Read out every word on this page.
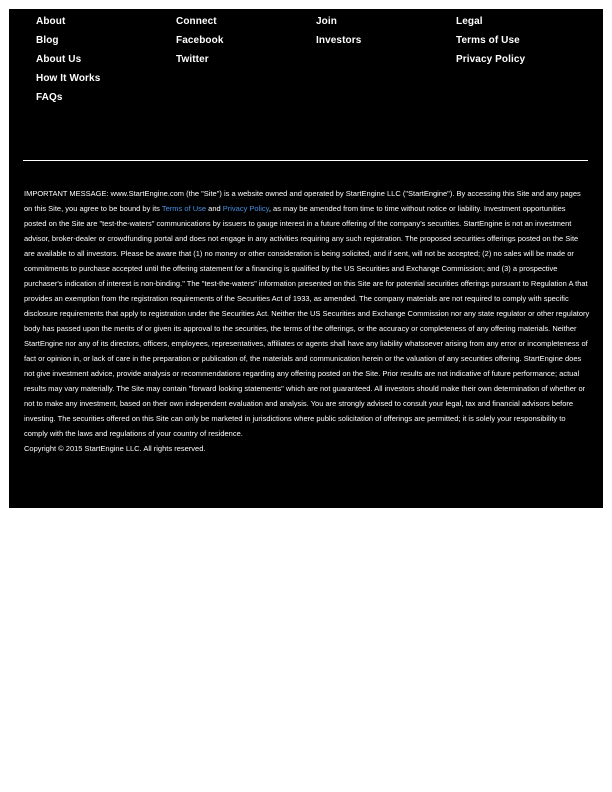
About
Blog
About Us
How It Works
FAQs
Connect
Facebook
Twitter
Join
Investors
Legal
Terms of Use
Privacy Policy
IMPORTANT MESSAGE: www.StartEngine.com (the "Site") is a website owned and operated by StartEngine LLC ("StartEngine"). By accessing this Site and any pages on this Site, you agree to be bound by its Terms of Use and Privacy Policy, as may be amended from time to time without notice or liability. Investment opportunities posted on the Site are "test-the-waters" communications by issuers to gauge interest in a future offering of the company's securities. StartEngine is not an investment advisor, broker-dealer or crowdfunding portal and does not engage in any activities requiring any such registration. The proposed securities offerings posted on the Site are available to all investors. Please be aware that (1) no money or other consideration is being solicited, and if sent, will not be accepted; (2) no sales will be made or commitments to purchase accepted until the offering statement for a financing is qualified by the US Securities and Exchange Commission; and (3) a prospective purchaser's indication of interest is non-binding." The "test-the-waters" information presented on this Site are for potential securities offerings pursuant to Regulation A that provides an exemption from the registration requirements of the Securities Act of 1933, as amended. The company materials are not required to comply with specific disclosure requirements that apply to registration under the Securities Act. Neither the US Securities and Exchange Commission nor any state regulator or other regulatory body has passed upon the merits of or given its approval to the securities, the terms of the offerings, or the accuracy or completeness of any offering materials. Neither StartEngine nor any of its directors, officers, employees, representatives, affiliates or agents shall have any liability whatsoever arising from any error or incompleteness of fact or opinion in, or lack of care in the preparation or publication of, the materials and communication herein or the valuation of any securities offering. StartEngine does not give investment advice, provide analysis or recommendations regarding any offering posted on the Site. Prior results are not indicative of future performance; actual results may vary materially. The Site may contain "forward looking statements" which are not guaranteed. All investors should make their own determination of whether or not to make any investment, based on their own independent evaluation and analysis. You are strongly advised to consult your legal, tax and financial advisors before investing. The securities offered on this Site can only be marketed in jurisdictions where public solicitation of offerings are permitted; it is solely your responsibility to comply with the laws and regulations of your country of residence.
Copyright © 2015 StartEngine LLC. All rights reserved.
